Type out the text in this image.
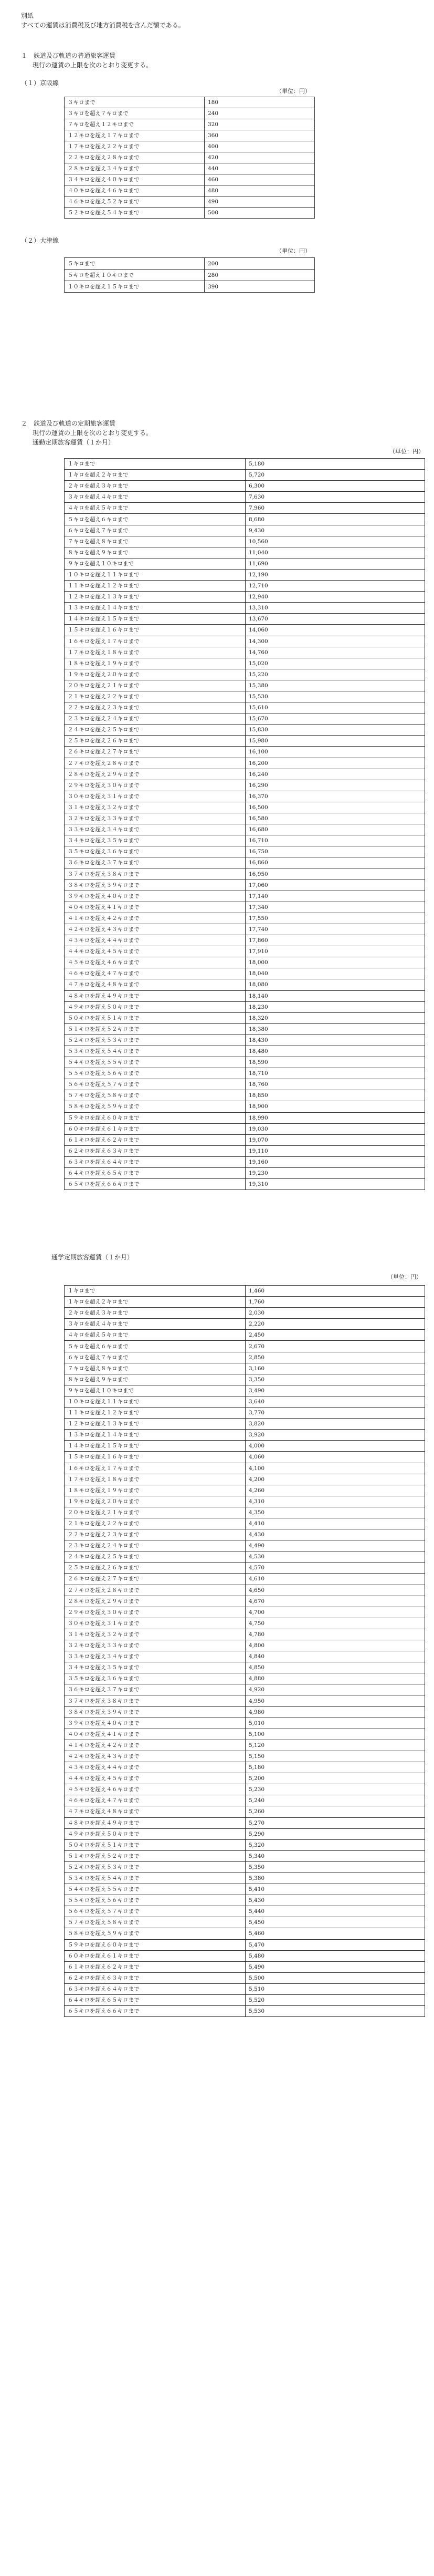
別紙
すべての運賃は消費税及び地方消費税を含んだ額である。
１　鉄道及び軌道の普通旅客運賃
現行の運賃の上限を次のとおり変更する。
（１）京阪線
（単位：円）
３キロまで	180
３キロを超え７キロまで	240
７キロを超え１２キロまで	320
１２キロを超え１７キロまで	360
１７キロを超え２２キロまで	400
２２キロを超え２８キロまで	420
２８キロを超え３４キロまで	440
３４キロを超え４０キロまで	460
４０キロを超え４６キロまで	480
４６キロを超え５２キロまで	490
５２キロを超え５４キロまで	500
（２）大津線
（単位：円）
５キロまで	200
５キロを超え１０キロまで	280
１０キロを超え１５キロまで	390
２　鉄道及び軌道の定期旅客運賃
現行の運賃の上限を次のとおり変更する。
通勤定期旅客運賃（１か月）
（単位：円）
１キロまで	5,180
１キロを超え２キロまで	5,720
２キロを超え３キロまで	6,300
３キロを超え４キロまで	7,630
４キロを超え５キロまで	7,960
５キロを超え６キロまで	8,680
６キロを超え７キロまで	9,430
７キロを超え８キロまで	10,560
８キロを超え９キロまで	11,040
９キロを超え１０キロまで	11,690
１０キロを超え１１キロまで	12,190
１１キロを超え１２キロまで	12,710
１２キロを超え１３キロまで	12,940
１３キロを超え１４キロまで	13,310
１４キロを超え１５キロまで	13,670
１５キロを超え１６キロまで	14,060
１６キロを超え１７キロまで	14,300
１７キロを超え１８キロまで	14,760
１８キロを超え１９キロまで	15,020
１９キロを超え２０キロまで	15,220
２０キロを超え２１キロまで	15,380
２１キロを超え２２キロまで	15,530
２２キロを超え２３キロまで	15,610
２３キロを超え２４キロまで	15,670
２４キロを超え２５キロまで	15,830
２５キロを超え２６キロまで	15,980
２６キロを超え２７キロまで	16,100
２７キロを超え２８キロまで	16,200
２８キロを超え２９キロまで	16,240
２９キロを超え３０キロまで	16,290
３０キロを超え３１キロまで	16,370
３１キロを超え３２キロまで	16,500
３２キロを超え３３キロまで	16,580
３３キロを超え３４キロまで	16,680
３４キロを超え３５キロまで	16,710
３５キロを超え３６キロまで	16,750
３６キロを超え３７キロまで	16,860
３７キロを超え３８キロまで	16,950
３８キロを超え３９キロまで	17,060
３９キロを超え４０キロまで	17,140
４０キロを超え４１キロまで	17,340
４１キロを超え４２キロまで	17,550
４２キロを超え４３キロまで	17,740
４３キロを超え４４キロまで	17,860
４４キロを超え４５キロまで	17,910
４５キロを超え４６キロまで	18,000
４６キロを超え４７キロまで	18,040
４７キロを超え４８キロまで	18,080
４８キロを超え４９キロまで	18,140
４９キロを超え５０キロまで	18,230
５０キロを超え５１キロまで	18,320
５１キロを超え５２キロまで	18,380
５２キロを超え５３キロまで	18,430
５３キロを超え５４キロまで	18,480
５４キロを超え５５キロまで	18,590
５５キロを超え５６キロまで	18,710
５６キロを超え５７キロまで	18,760
５７キロを超え５８キロまで	18,850
５８キロを超え５９キロまで	18,900
５９キロを超え６０キロまで	18,990
６０キロを超え６１キロまで	19,030
６１キロを超え６２キロまで	19,070
６２キロを超え６３キロまで	19,110
６３キロを超え６４キロまで	19,160
６４キロを超え６５キロまで	19,230
６５キロを超え６６キロまで	19,310
通学定期旅客運賃（１か月）
（単位：円）
１キロまで	1,460
１キロを超え２キロまで	1,760
２キロを超え３キロまで	2,030
３キロを超え４キロまで	2,220
４キロを超え５キロまで	2,450
５キロを超え６キロまで	2,670
６キロを超え７キロまで	2,850
７キロを超え８キロまで	3,160
８キロを超え９キロまで	3,350
９キロを超え１０キロまで	3,490
１０キロを超え１１キロまで	3,640
１１キロを超え１２キロまで	3,770
１２キロを超え１３キロまで	3,820
１３キロを超え１４キロまで	3,920
１４キロを超え１５キロまで	4,000
１５キロを超え１６キロまで	4,060
１６キロを超え１７キロまで	4,100
１７キロを超え１８キロまで	4,200
１８キロを超え１９キロまで	4,260
１９キロを超え２０キロまで	4,310
２０キロを超え２１キロまで	4,350
２１キロを超え２２キロまで	4,410
２２キロを超え２３キロまで	4,430
２３キロを超え２４キロまで	4,490
２４キロを超え２５キロまで	4,530
２５キロを超え２６キロまで	4,570
２６キロを超え２７キロまで	4,610
２７キロを超え２８キロまで	4,650
２８キロを超え２９キロまで	4,670
２９キロを超え３０キロまで	4,700
３０キロを超え３１キロまで	4,750
３１キロを超え３２キロまで	4,780
３２キロを超え３３キロまで	4,800
３３キロを超え３４キロまで	4,840
３４キロを超え３５キロまで	4,850
３５キロを超え３６キロまで	4,880
３６キロを超え３７キロまで	4,920
３７キロを超え３８キロまで	4,950
３８キロを超え３９キロまで	4,980
３９キロを超え４０キロまで	5,010
４０キロを超え４１キロまで	5,100
４１キロを超え４２キロまで	5,120
４２キロを超え４３キロまで	5,150
４３キロを超え４４キロまで	5,180
４４キロを超え４５キロまで	5,200
４５キロを超え４６キロまで	5,230
４６キロを超え４７キロまで	5,240
４７キロを超え４８キロまで	5,260
４８キロを超え４９キロまで	5,270
４９キロを超え５０キロまで	5,290
５０キロを超え５１キロまで	5,320
５１キロを超え５２キロまで	5,340
５２キロを超え５３キロまで	5,350
５３キロを超え５４キロまで	5,380
５４キロを超え５５キロまで	5,410
５５キロを超え５６キロまで	5,430
５６キロを超え５７キロまで	5,440
５７キロを超え５８キロまで	5,450
５８キロを超え５９キロまで	5,460
５９キロを超え６０キロまで	5,470
６０キロを超え６１キロまで	5,480
６１キロを超え６２キロまで	5,490
６２キロを超え６３キロまで	5,500
６３キロを超え６４キロまで	5,510
６４キロを超え６５キロまで	5,520
６５キロを超え６６キロまで	5,530
